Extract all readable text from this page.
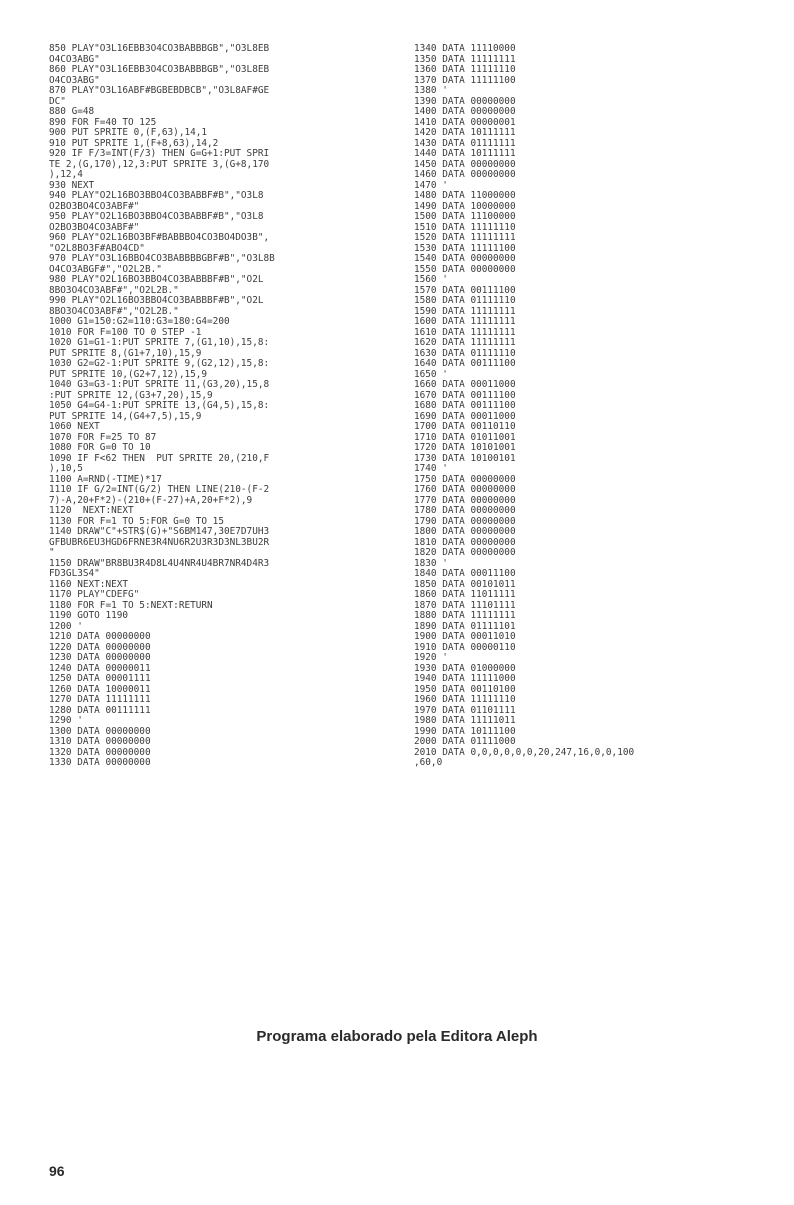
850 PLAY"O3L16EBB3O4CO3BABBBGB","O3L8EB
O4CO3ABG"
860 PLAY"O3L16EBB3O4CO3BABBBGB","O3L8EB
O4CO3ABG"
870 PLAY"O3L16ABF#BGBEBDBCB","O3L8AF#GE
DC"
880 G=48
890 FOR F=40 TO 125
900 PUT SPRITE 0,(F,63),14,1
910 PUT SPRITE 1,(F+8,63),14,2
920 IF F/3=INT(F/3) THEN G=G+1:PUT SPRI
TE 2,(G,170),12,3:PUT SPRITE 3,(G+8,170
),12,4
930 NEXT
940 PLAY"O2L16BO3BBO4CO3BABBF#B","O3L8
O2BO3BO4CO3ABF#"
950 PLAY"O2L16BO3BBO4CO3BABBF#B","O3L8
O2BO3BO4CO3ABF#"
960 PLAY"O2L16BO3BF#BABBBO4CO3BO4DO3B",
"O2L8BO3F#ABO4CD"
970 PLAY"O3L16BBO4CO3BABBBBGBF#B","O3L8B
O4CO3ABGF#","O2L2B."
980 PLAY"O2L16BO3BBO4CO3BABBBF#B","O2L
8BO3O4CO3ABF#","O2L2B."
990 PLAY"O2L16BO3BBO4CO3BABBBF#B","O2L
8BO3O4CO3ABF#","O2L2B."
1000 G1=150:G2=110:G3=180:G4=200
1010 FOR F=100 TO 0 STEP -1
1020 G1=G1-1:PUT SPRITE 7,(G1,10),15,8:
PUT SPRITE 8,(G1+7,10),15,9
1030 G2=G2-1:PUT SPRITE 9,(G2,12),15,8:
PUT SPRITE 10,(G2+7,12),15,9
1040 G3=G3-1:PUT SPRITE 11,(G3,20),15,8
:PUT SPRITE 12,(G3+7,20),15,9
1050 G4=G4-1:PUT SPRITE 13,(G4,5),15,8:
PUT SPRITE 14,(G4+7,5),15,9
1060 NEXT
1070 FOR F=25 TO 87
1080 FOR G=0 TO 10
1090 IF F<62 THEN  PUT SPRITE 20,(210,F
),10,5
1100 A=RND(-TIME)*17
1110 IF G/2=INT(G/2) THEN LINE(210-(F-2
7)-A,20+F*2)-(210+(F-27)+A,20+F*2),9
1120  NEXT:NEXT
1130 FOR F=1 TO 5:FOR G=0 TO 15
1140 DRAW"C"+STR$(G)+"S6BM147,30E7D7UH3
GFBUBR6EU3HGD6FRNE3R4NU6R2U3R3D3NL3BU2R
"
1150 DRAW"BR8BU3R4D8L4U4NR4U4BR7NR4D4R3
FD3GL3S4"
1160 NEXT:NEXT
1170 PLAY"CDEFG"
1180 FOR F=1 TO 5:NEXT:RETURN
1190 GOTO 1190
1200 '
1210 DATA 00000000
1220 DATA 00000000
1230 DATA 00000000
1240 DATA 00000011
1250 DATA 00001111
1260 DATA 10000011
1270 DATA 11111111
1280 DATA 00111111
1290 '
1300 DATA 00000000
1310 DATA 00000000
1320 DATA 00000000
1330 DATA 00000000
1340 DATA 11110000
1350 DATA 11111111
1360 DATA 11111110
1370 DATA 11111100
1380 '
1390 DATA 00000000
1400 DATA 00000000
1410 DATA 00000001
1420 DATA 10111111
1430 DATA 01111111
1440 DATA 10111111
1450 DATA 00000000
1460 DATA 00000000
1470 '
1480 DATA 11000000
1490 DATA 10000000
1500 DATA 11100000
1510 DATA 11111110
1520 DATA 11111111
1530 DATA 11111100
1540 DATA 00000000
1550 DATA 00000000
1560 '
1570 DATA 00111100
1580 DATA 01111110
1590 DATA 11111111
1600 DATA 11111111
1610 DATA 11111111
1620 DATA 11111111
1630 DATA 01111110
1640 DATA 00111100
1650 '
1660 DATA 00011000
1670 DATA 00111100
1680 DATA 00111100
1690 DATA 00011000
1700 DATA 00110110
1710 DATA 01011001
1720 DATA 10101001
1730 DATA 10100101
1740 '
1750 DATA 00000000
1760 DATA 00000000
1770 DATA 00000000
1780 DATA 00000000
1790 DATA 00000000
1800 DATA 00000000
1810 DATA 00000000
1820 DATA 00000000
1830 '
1840 DATA 00011100
1850 DATA 00101011
1860 DATA 11011111
1870 DATA 11101111
1880 DATA 11111111
1890 DATA 01111101
1900 DATA 00011010
1910 DATA 00000110
1920 '
1930 DATA 01000000
1940 DATA 11111000
1950 DATA 00110100
1960 DATA 11111110
1970 DATA 01101111
1980 DATA 11111011
1990 DATA 10111100
2000 DATA 01111000
2010 DATA 0,0,0,0,0,0,20,247,16,0,0,100
,60,0
Programa elaborado pela Editora Aleph
96
